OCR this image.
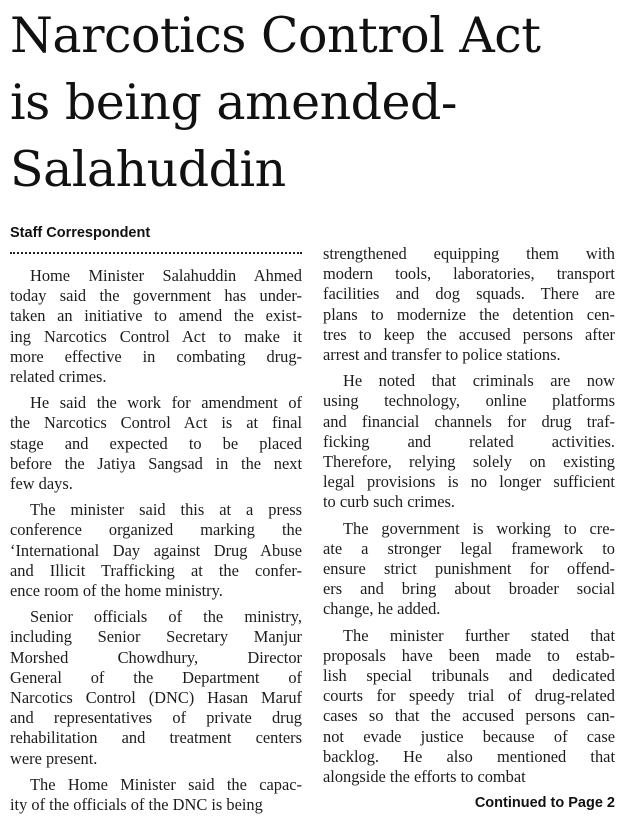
Narcotics Control Act
is being amended-
Salahuddin
Staff Correspondent

Home Minister Salahuddin Ahmed
today said the government has under-
taken an initiative to amend the exist-
ing Narcotics Control Act to make it
more effective in combating drug-
related crimes.

He said the work for amendment of
the Narcotics Control Act is at final
stage and expected to be placed
before the Jatiya Sangsad in the next
few days.

The minister said this at a press
conference organized marking the
‘International Day against Drug Abuse
and Illicit Trafficking at the confer-
ence room of the home ministry.

Senior officials of the ministry,
including Senior Secretary Manjur
Morshed Chowdhury, Director
General of the Department of
Narcotics Control (DNC) Hasan Maruf
and representatives of private drug
rehabilitation and treatment centers
were present.

The Home Minister said the capac-
ity of the officials of the DNC is being

strengthened equipping them with
modern tools, laboratories, transport
facilities and dog squads. There are
plans to modernize the detention cen-
tres to keep the accused persons after
arrest and transfer to police stations.

He noted that criminals are now
using technology, online platforms
and financial channels for drug traf-
ficking and related activities.
Therefore, relying solely on existing
legal provisions is no longer sufficient
to curb such crimes.

The government is working to cre-
ate a stronger legal framework to
ensure strict punishment for offend-
ers and bring about broader social
change, he added.

The minister further stated that
proposals have been made to estab-
lish special tribunals and dedicated
courts for speedy trial of drug-related
cases so that the accused persons can-
not evade justice because of case
backlog. He also mentioned that
alongside the efforts to combat

Continued to Page 2
